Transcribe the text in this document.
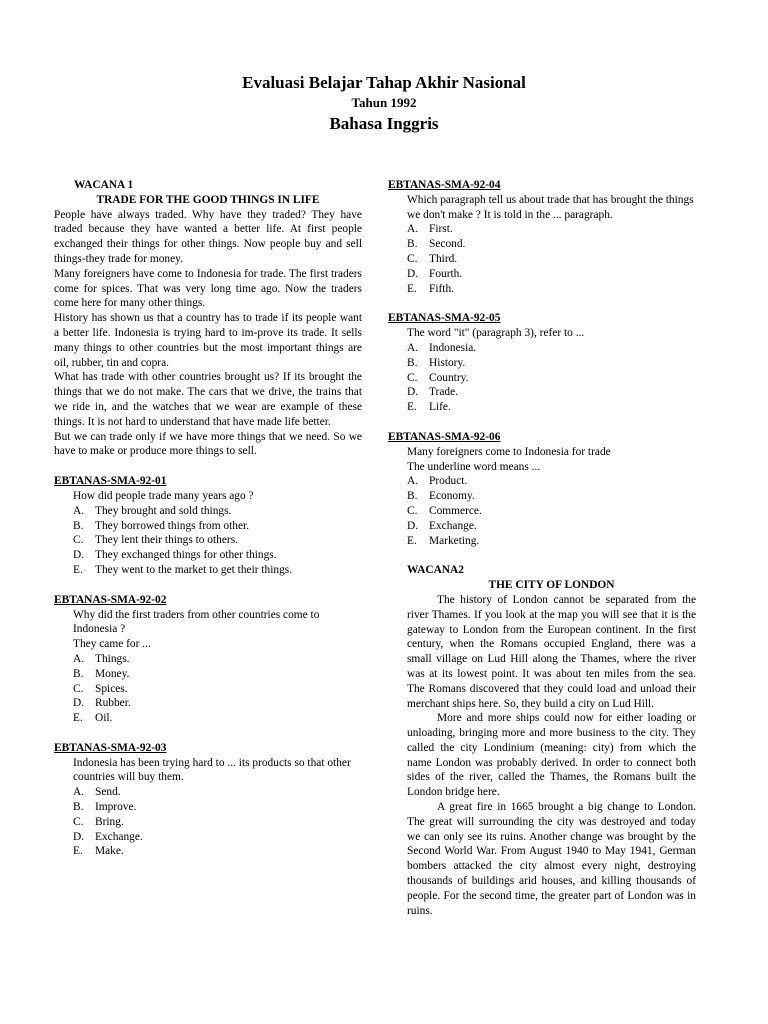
Evaluasi Belajar Tahap Akhir Nasional
Tahun 1992
Bahasa Inggris
WACANA 1
TRADE FOR THE GOOD THINGS IN LIFE
People have always traded. Why have they traded? They have traded because they have wanted a better life. At first people exchanged their things for other things. Now people buy and sell things-they trade for money.
Many foreigners have come to Indonesia for trade. The first traders come for spices. That was very long time ago. Now the traders come here for many other things.
History has shown us that a country has to trade if its people want a better life. Indonesia is trying hard to im-prove its trade. It sells many things to other countries but the most important things are oil, rubber, tin and copra.
What has trade with other countries brought us? If its brought the things that we do not make. The cars that we drive, the trains that we ride in, and the watches that we wear are example of these things. It is not hard to understand that have made life better.
But we can trade only if we have more things that we need. So we have to make or produce more things to sell.
EBTANAS-SMA-92-01
How did people trade many years ago ?
A. They brought and sold things.
B.	They borrowed things from other.
C.	They lent their things to others.
D. They exchanged things for other things.
E.	They went to the market to get their things.
EBTANAS-SMA-92-02
Why did the first traders from other countries come to Indonesia ?
They came for ...
A. Things.
B.	Money.
C.	Spices.
D. Rubber.
E.	Oil.
EBTANAS-SMA-92-03
Indonesia has been trying hard to ... its products so that other countries will buy them.
A. Send.
B.	Improve.
C.	Bring.
D. Exchange.
E.	Make.
EBTANAS-SMA-92-04
Which paragraph tell us about trade that has brought the things we don't make ? It is told in the ... paragraph.
A. First.
B.	Second.
C.	Third.
D. Fourth.
E.	Fifth.
EBTANAS-SMA-92-05
The word "it" (paragraph 3), refer to ...
A. Indonesia.
B.	History.
C.	Country.
D. Trade.
E.	Life.
EBTANAS-SMA-92-06
Many foreigners come to Indonesia for trade
The underline word means ...
A. Product.
B.	Economy.
C.	Commerce.
D. Exchange.
E.	Marketing.
WACANA2
THE CITY OF LONDON
The history of London cannot be separated from the river Thames. If you look at the map you will see that it is the gateway to London from the European continent. In the first century, when the Romans occupied England, there was a small village on Lud Hill along the Thames, where the river was at its lowest point. It was about ten miles from the sea. The Romans discovered that they could load and unload their merchant ships here. So, they build a city on Lud Hill.
More and more ships could now for either loading or unloading, bringing more and more business to the city. They called the city Londinium (meaning: city) from which the name London was probably derived. In order to connect both sides of the river, called the Thames, the Romans built the London bridge here.
A great fire in 1665 brought a big change to London. The great will surrounding the city was destroyed and today we can only see its ruins. Another change was brought by the Second World War. From August 1940 to May 1941, German bombers attacked the city almost every night, destroying thousands of buildings arid houses, and killing thousands of people. For the second time, the greater part of London was in ruins.
